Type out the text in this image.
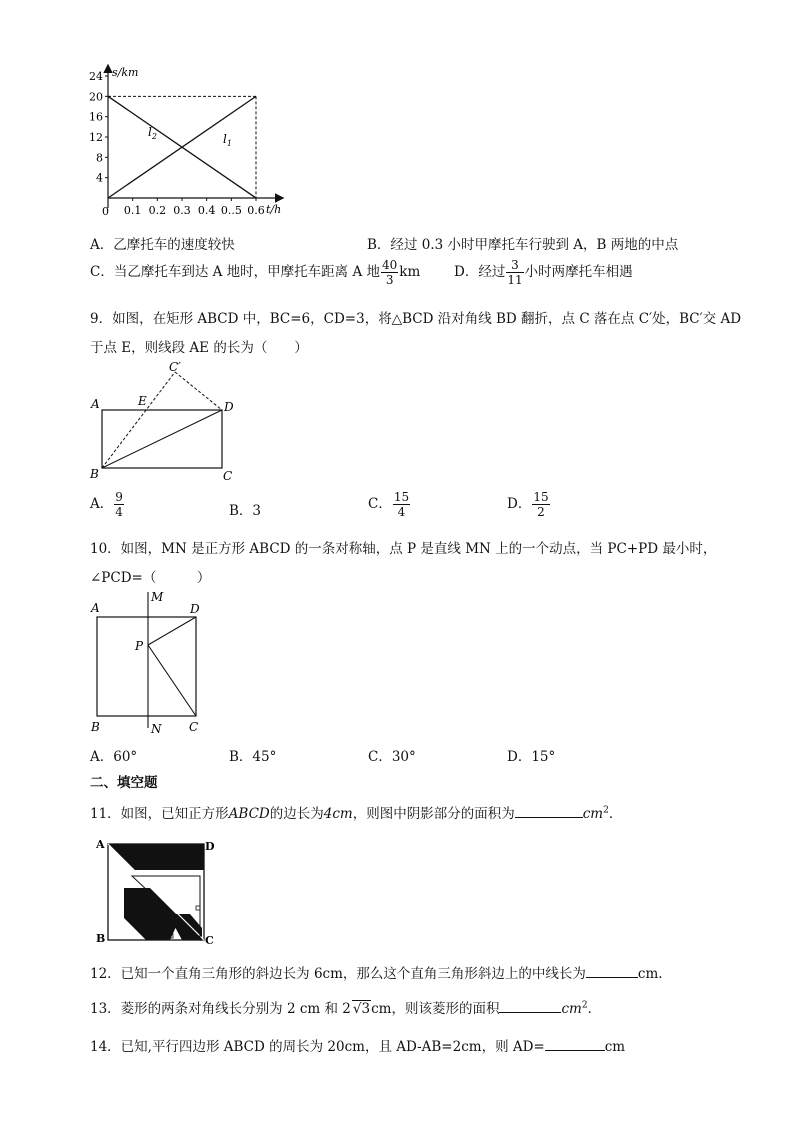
4
8
12
16
20
24
0.1 0.2 0.3 0.4 0..5 0.6
s/km
t/h
0
$l_2$	$l_1$
A．乙摩托车的速度较快	B．经过 0.3 小时甲摩托车行驶到 A，B 两地的中点
C．当乙摩托车到达 A 地时，甲摩托车距离 A 地 $\frac{40}{3}$ km D．经过 $\frac{3}{11}$ 小时两摩托车相遇
9．如图，在矩形 ABCD 中，BC=6，CD=3，将△BCD 沿对角线 BD 翻折，点 C 落在点 C′处，BC′交 AD
于点 E，则线段 AE 的长为（　　）
A
B	C
D
E
C′
A． $\frac{9}{4}$	B．3	C． $\frac{15}{4}$	D． $\frac{15}{2}$
10．如图，MN 是正方形 ABCD 的一条对称轴，点 P 是直线 MN 上的一个动点，当 PC+PD 最小时，
∠PCD=（　　　）
A
B	C
D
M
N
P
A．60°	B．45°	C．30°	D．15°
二、填空题
11．如图，已知正方形ABCD的边长为4cm，则图中阴影部分的面积为	$cm^2$．
A
B	C
D
12．已知一个直角三角形的斜边长为 6cm，那么这个直角三角形斜边上的中线长为	cm.
13．菱形的两条对角线长分别为 2 cm 和 2 √3cm，则该菱形的面积	$cm^2$．
14．已知,平行四边形 ABCD 的周长为 20cm，且 AD-AB=2cm，则 AD=	cm
